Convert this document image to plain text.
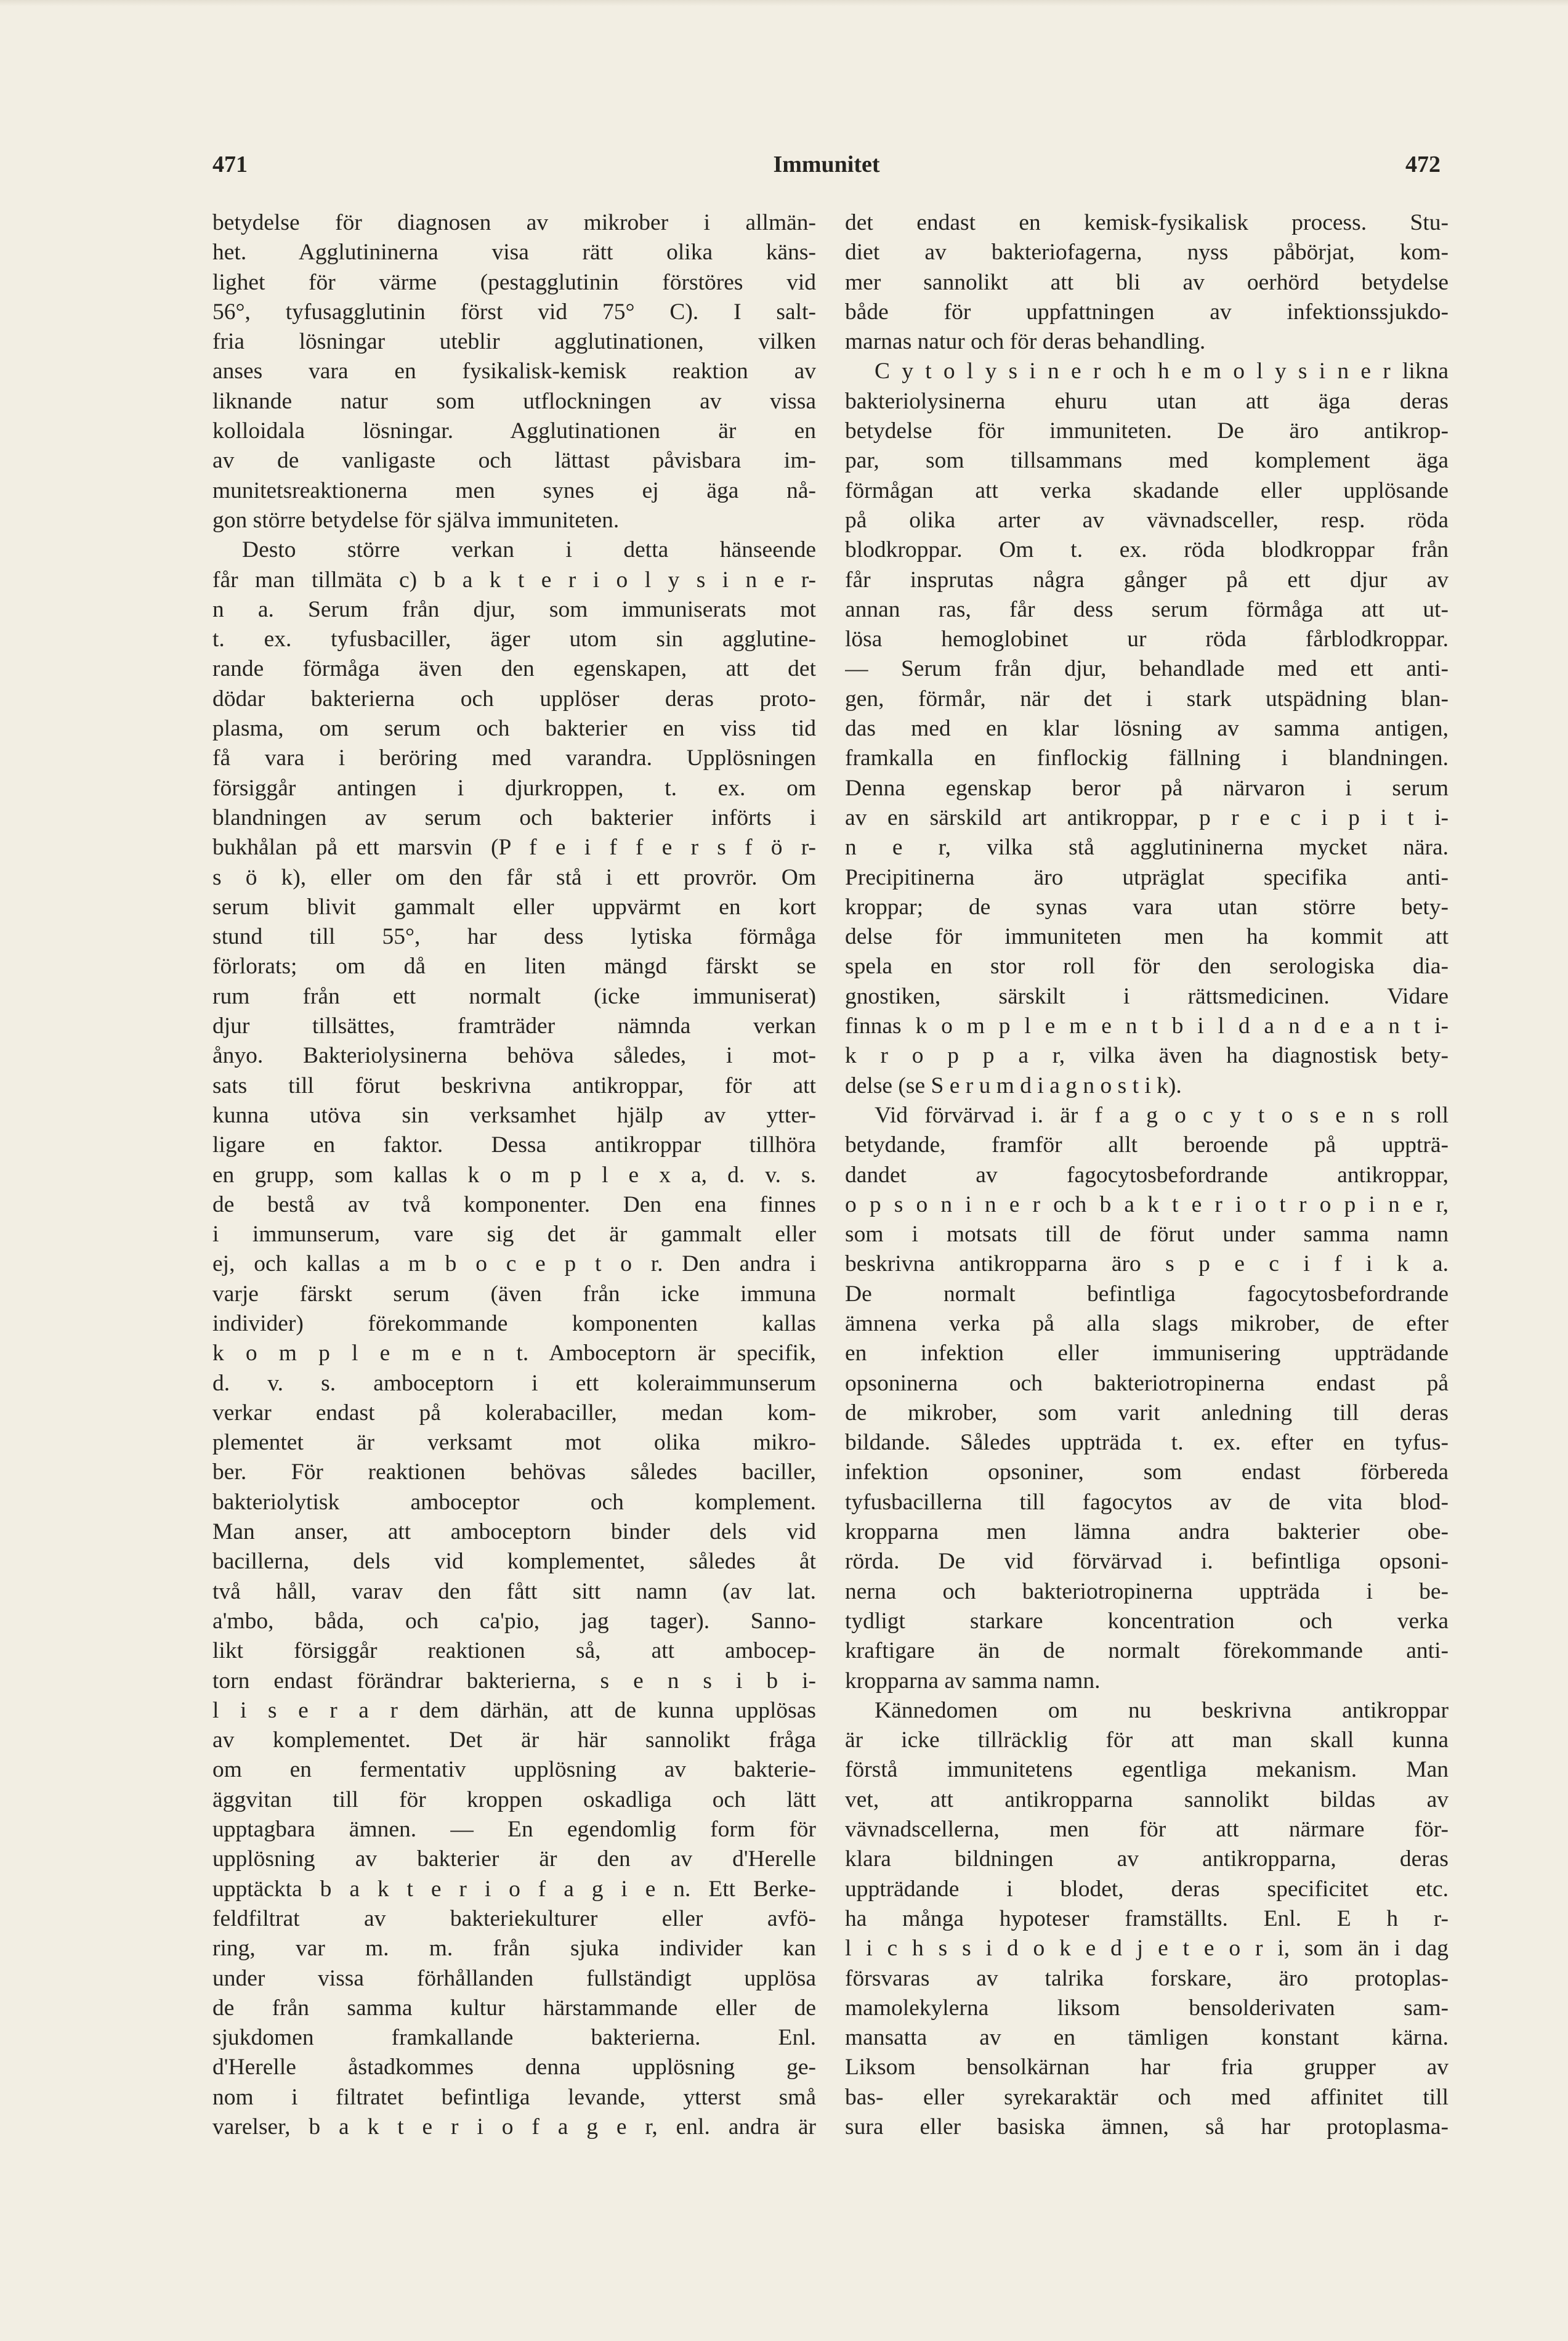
471	Immunitet	472
betydelse för diagnosen av mikrober i allmän-
het. Agglutininerna visa rätt olika käns-
lighet för värme (pestagglutinin förstöres vid
56°, tyfusagglutinin först vid 75° C). I salt-
fria lösningar uteblir agglutinationen, vilken
anses vara en fysikalisk-kemisk reaktion av
liknande natur som utflockningen av vissa
kolloidala lösningar. Agglutinationen är en
av de vanligaste och lättast påvisbara im-
munitetsreaktionerna men synes ej äga nå-
gon större betydelse för själva immuniteten.
Desto större verkan i detta hänseende
får man tillmäta c) b a k t e r i o l y s i n e r-
n a. Serum från djur, som immuniserats mot
t. ex. tyfusbaciller, äger utom sin agglutine-
rande förmåga även den egenskapen, att det
dödar bakterierna och upplöser deras proto-
plasma, om serum och bakterier en viss tid
få vara i beröring med varandra. Upplösningen
försiggår antingen i djurkroppen, t. ex. om
blandningen av serum och bakterier införts i
bukhålan på ett marsvin (P f e i f f e r s f ö r-
s ö k), eller om den får stå i ett provrör. Om
serum blivit gammalt eller uppvärmt en kort
stund till 55°, har dess lytiska förmåga
förlorats; om då en liten mängd färskt se
rum från ett normalt (icke immuniserat)
djur tillsättes, framträder nämnda verkan
ånyo. Bakteriolysinerna behöva således, i mot-
sats till förut beskrivna antikroppar, för att
kunna utöva sin verksamhet hjälp av ytter-
ligare en faktor. Dessa antikroppar tillhöra
en grupp, som kallas k o m p l e x a, d. v. s.
de bestå av två komponenter. Den ena finnes
i immunserum, vare sig det är gammalt eller
ej, och kallas a m b o c e p t o r. Den andra i
varje färskt serum (även från icke immuna
individer) förekommande komponenten kallas
k o m p l e m e n t. Amboceptorn är specifik,
d. v. s. amboceptorn i ett koleraimmunserum
verkar endast på kolerabaciller, medan kom-
plementet är verksamt mot olika mikro-
ber. För reaktionen behövas således baciller,
bakteriolytisk amboceptor och komplement.
Man anser, att amboceptorn binder dels vid
bacillerna, dels vid komplementet, således åt
två håll, varav den fått sitt namn (av lat.
a'mbo, båda, och ca'pio, jag tager). Sanno-
likt försiggår reaktionen så, att ambocep-
torn endast förändrar bakterierna, s e n s i b i-
l i s e r a r dem därhän, att de kunna upplösas
av komplementet. Det är här sannolikt fråga
om en fermentativ upplösning av bakterie-
äggvitan till för kroppen oskadliga och lätt
upptagbara ämnen. — En egendomlig form för
upplösning av bakterier är den av d'Herelle
upptäckta b a k t e r i o f a g i e n. Ett Berke-
feldfiltrat av bakteriekulturer eller avfö-
ring, var m. m. från sjuka individer kan
under vissa förhållanden fullständigt upplösa
de från samma kultur härstammande eller de
sjukdomen framkallande bakterierna. Enl.
d'Herelle åstadkommes denna upplösning ge-
nom i filtratet befintliga levande, ytterst små
varelser, b a k t e r i o f a g e r, enl. andra är
det endast en kemisk-fysikalisk process. Stu-
diet av bakteriofagerna, nyss påbörjat, kom-
mer sannolikt att bli av oerhörd betydelse
både för uppfattningen av infektionssjukdo-
marnas natur och för deras behandling.
C y t o l y s i n e r och h e m o l y s i n e r likna
bakteriolysinerna ehuru utan att äga deras
betydelse för immuniteten. De äro antikrop-
par, som tillsammans med komplement äga
förmågan att verka skadande eller upplösande
på olika arter av vävnadsceller, resp. röda
blodkroppar. Om t. ex. röda blodkroppar från
får insprutas några gånger på ett djur av
annan ras, får dess serum förmåga att ut-
lösa hemoglobinet ur röda fårblodkroppar.
— Serum från djur, behandlade med ett anti-
gen, förmår, när det i stark utspädning blan-
das med en klar lösning av samma antigen,
framkalla en finflockig fällning i blandningen.
Denna egenskap beror på närvaron i serum
av en särskild art antikroppar, p r e c i p i t i-
n e r, vilka stå agglutininerna mycket nära.
Precipitinerna äro utpräglat specifika anti-
kroppar; de synas vara utan större bety-
delse för immuniteten men ha kommit att
spela en stor roll för den serologiska dia-
gnostiken, särskilt i rättsmedicinen. Vidare
finnas k o m p l e m e n t b i l d a n d e a n t i-
k r o p p a r, vilka även ha diagnostisk bety-
delse (se S e r u m d i a g n o s t i k).
Vid förvärvad i. är f a g o c y t o s e n s roll
betydande, framför allt beroende på uppträ-
dandet av fagocytosbefordrande antikroppar,
o p s o n i n e r och b a k t e r i o t r o p i n e r,
som i motsats till de förut under samma namn
beskrivna antikropparna äro s p e c i f i k a.
De normalt befintliga fagocytosbefordrande
ämnena verka på alla slags mikrober, de efter
en infektion eller immunisering uppträdande
opsoninerna och bakteriotropinerna endast på
de mikrober, som varit anledning till deras
bildande. Således uppträda t. ex. efter en tyfus-
infektion opsoniner, som endast förbereda
tyfusbacillerna till fagocytos av de vita blod-
kropparna men lämna andra bakterier obe-
rörda. De vid förvärvad i. befintliga opsoni-
nerna och bakteriotropinerna uppträda i be-
tydligt starkare koncentration och verka
kraftigare än de normalt förekommande anti-
kropparna av samma namn.
Kännedomen om nu beskrivna antikroppar
är icke tillräcklig för att man skall kunna
förstå immunitetens egentliga mekanism. Man
vet, att antikropparna sannolikt bildas av
vävnadscellerna, men för att närmare för-
klara bildningen av antikropparna, deras
uppträdande i blodet, deras specificitet etc.
ha många hypoteser framställts. Enl. E h r-
l i c h s s i d o k e d j e t e o r i, som än i dag
försvaras av talrika forskare, äro protoplas-
mamolekylerna liksom bensolderivaten sam-
mansatta av en tämligen konstant kärna.
Liksom bensolkärnan har fria grupper av
bas- eller syrekaraktär och med affinitet till
sura eller basiska ämnen, så har protoplasma-
